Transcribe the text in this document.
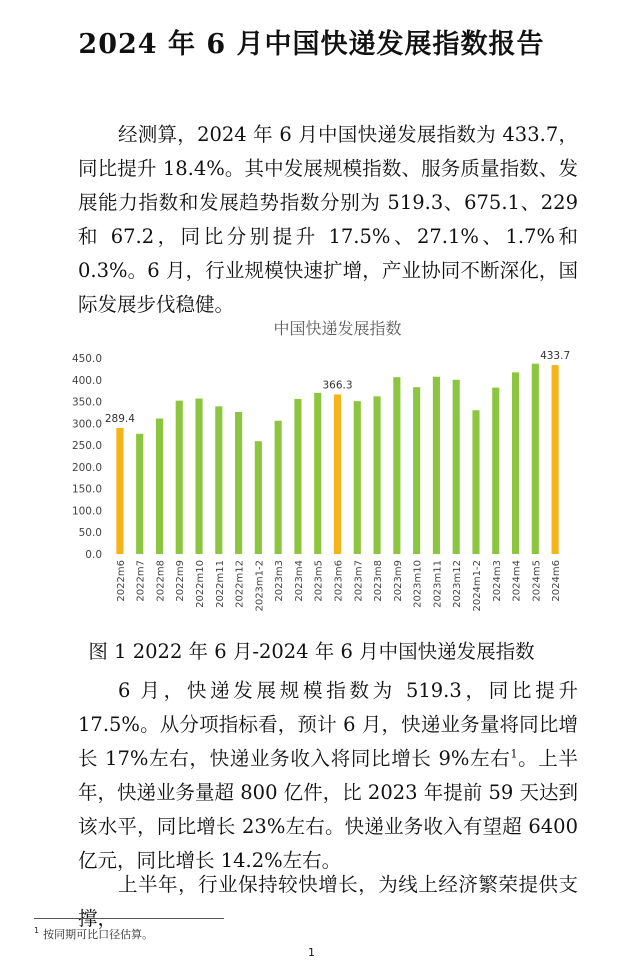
2024 年 6 月中国快递发展指数报告
经测算，2024 年 6 月中国快递发展指数为 433.7，同比提升 18.4%。其中发展规模指数、服务质量指数、发展能力指数和发展趋势指数分别为 519.3、675.1、229 和 67.2，同比分别提升 17.5%、27.1%、1.7%和 0.3%。6 月，行业规模快速扩增，产业协同不断深化，国际发展步伐稳健。
中国快递发展指数
0.0
50.0
100.0
150.0
200.0
250.0
300.0
350.0
400.0
450.0
2022m6 2022m7 2022m8 2022m9 2022m10 2022m11 2022m12 2023m1-2 2023m3 2023m4 2023m5 2023m6 2023m7 2023m8 2023m9 2023m10 2023m11 2023m12 2024m1-2 2024m3 2024m4 2024m5 2024m6
289.4
366.3
433.7
图 1 2022 年 6 月-2024 年 6 月中国快递发展指数
6 月，快递发展规模指数为 519.3，同比提升 17.5%。从分项指标看，预计 6 月，快递业务量将同比增长 17%左右，快递业务收入将同比增长 9%左右$^1$。上半年，快递业务量超 800 亿件，比 2023 年提前 59 天达到该水平，同比增长 23%左右。快递业务收入有望超 6400 亿元，同比增长 14.2%左右。
上半年，行业保持较快增长，为线上经济繁荣提供支撑，
$^1$ 按同期可比口径估算。
1
